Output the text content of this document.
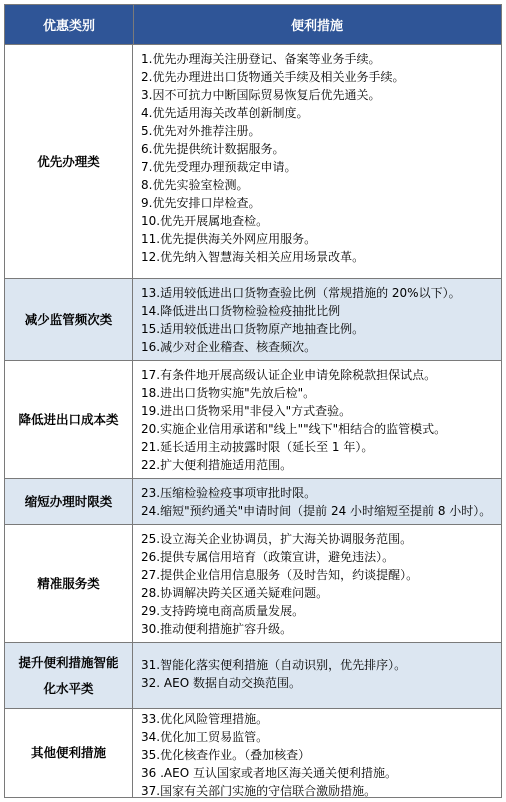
优惠类别	便利措施
优先办理类
1.优先办理海关注册登记、备案等业务手续。
2.优先办理进出口货物通关手续及相关业务手续。
3.因不可抗力中断国际贸易恢复后优先通关。
4.优先适用海关改革创新制度。
5.优先对外推荐注册。
6.优先提供统计数据服务。
7.优先受理办理预裁定申请。
8.优先实验室检测。
9.优先安排口岸检查。
10.优先开展属地查检。
11.优先提供海关外网应用服务。
12.优先纳入智慧海关相关应用场景改革。
减少监管频次类
13.适用较低进出口货物查验比例（常规措施的 20%以下）。
14.降低进出口货物检验检疫抽批比例
15.适用较低进出口货物原产地抽查比例。
16.减少对企业稽查、核查频次。
降低进出口成本类
17.有条件地开展高级认证企业申请免除税款担保试点。
18.进出口货物实施"先放后检"。
19.进出口货物采用"非侵入"方式查验。
20.实施企业信用承诺和"线上""线下"相结合的监管模式。
21.延长适用主动披露时限（延长至 1 年）。
22.扩大便利措施适用范围。
缩短办理时限类
23.压缩检验检疫事项审批时限。
24.缩短"预约通关"申请时间（提前 24 小时缩短至提前 8 小时）。
精准服务类
25.设立海关企业协调员，扩大海关协调服务范围。
26.提供专属信用培育（政策宣讲，避免违法）。
27.提供企业信用信息服务（及时告知，约谈提醒）。
28.协调解决跨关区通关疑难问题。
29.支持跨境电商高质量发展。
30.推动便利措施扩容升级。
提升便利措施智能化水平类
31.智能化落实便利措施（自动识别，优先排序）。
32. AEO 数据自动交换范围。
其他便利措施
33.优化风险管理措施。
34.优化加工贸易监管。
35.优化核查作业。（叠加核查）
36 .AEO 互认国家或者地区海关通关便利措施。
37.国家有关部门实施的守信联合激励措施。
